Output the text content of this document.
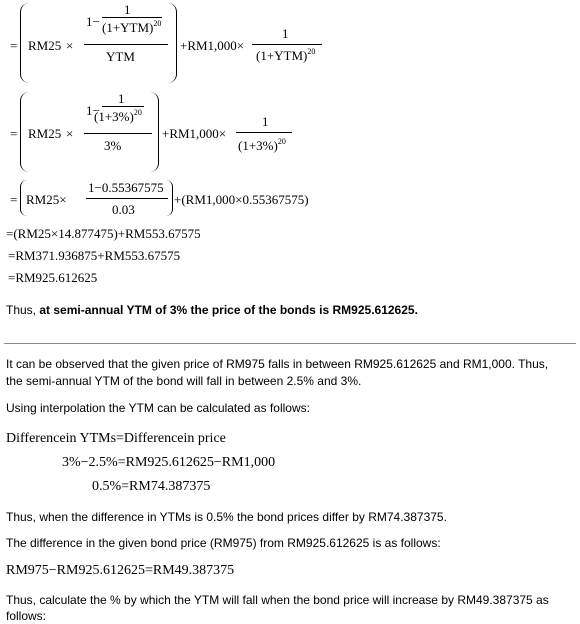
= RM25 ×
1−
1
$(1+YTM)^{20}$
YTM
+RM1,000×
1
$(1+YTM)^{20}$
= RM25 ×
1−
1
$(1+3\%)^{20}$
3%
+RM1,000×
1
$(1+3\%)^{20}$
= RM25×
1−0.55367575
0.03
+(RM1,000×0.55367575)
=(RM25×14.877475)+RM553.67575
=RM371.936875+RM553.67575
=RM925.612625
Thus, at semi-annual YTM of 3% the price of the bonds is RM925.612625.
It can be observed that the given price of RM975 falls in between RM925.612625 and RM1,000. Thus,
the semi-annual YTM of the bond will fall in between 2.5% and 3%.
Using interpolation the YTM can be calculated as follows:
Differencein YTMs=Differencein price
3%−2.5%=RM925.612625−RM1,000
0.5%=RM74.387375
Thus, when the difference in YTMs is 0.5% the bond prices differ by RM74.387375.
The difference in the given bond price (RM975) from RM925.612625 is as follows:
RM975−RM925.612625=RM49.387375
Thus, calculate the % by which the YTM will fall when the bond price will increase by RM49.387375 as
follows:
